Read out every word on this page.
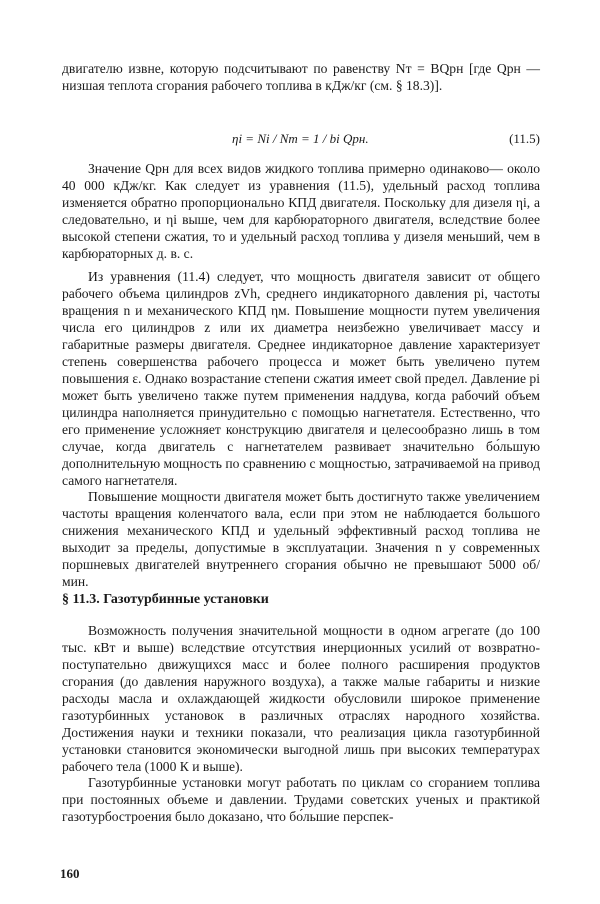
двигателю извне, которую подсчитывают по равенству Nт = BQрн [где Qрн — низшая теплота сгорания рабочего топлива в кДж/кг (см. § 18.3)].

ηi = Ni / Nт = 1 / bi Qрн.	(11.5)

Значение Qрн для всех видов жидкого топлива примерно одинаково— около 40 000 кДж/кг. Как следует из уравнения (11.5), удельный расход топлива изменяется обратно пропорционально КПД двигателя. Поскольку для дизеля ηi, а следовательно, и ηi выше, чем для карбюраторного двигателя, вследствие более высокой степени сжатия, то и удельный расход топлива у дизеля меньший, чем в карбюраторных д. в. с.

Из уравнения (11.4) следует, что мощность двигателя зависит от общего рабочего объема цилиндров zVh, среднего индикаторного давления pi, частоты вращения n и механического КПД ηм. Повышение мощности путем увеличения числа его цилиндров z или их диаметра неизбежно увеличивает массу и габаритные размеры двигателя. Среднее индикаторное давление характеризует степень совершенства рабочего процесса и может быть увеличено путем повышения ε. Однако возрастание степени сжатия имеет свой предел. Давление pi может быть увеличено также путем применения наддува, когда рабочий объем цилиндра наполняется принудительно с помощью нагнетателя. Естественно, что его применение усложняет конструкцию двигателя и целесообразно лишь в том случае, когда двигатель с нагнетателем развивает значительно бо́льшую дополнительную мощность по сравнению с мощностью, затрачиваемой на привод самого нагнетателя.

Повышение мощности двигателя может быть достигнуто также увеличением частоты вращения коленчатого вала, если при этом не наблюдается большого снижения механического КПД и удельный эффективный расход топлива не выходит за пределы, допустимые в эксплуатации. Значения n у современных поршневых двигателей внутреннего сгорания обычно не превышают 5000 об/мин.

§ 11.3. Газотурбинные установки

Возможность получения значительной мощности в одном агрегате (до 100 тыс. кВт и выше) вследствие отсутствия инерционных усилий от возвратно-поступательно движущихся масс и более полного расширения продуктов сгорания (до давления наружного воздуха), а также малые габариты и низкие расходы масла и охлаждающей жидкости обусловили широкое применение газотурбинных установок в различных отраслях народного хозяйства. Достижения науки и техники показали, что реализация цикла газотурбинной установки становится экономически выгодной лишь при высоких температурах рабочего тела (1000 К и выше).

Газотурбинные установки могут работать по циклам со сгоранием топлива при постоянных объеме и давлении. Трудами советских ученых и практикой газотурбостроения было доказано, что бо́льшие перспек-

160
